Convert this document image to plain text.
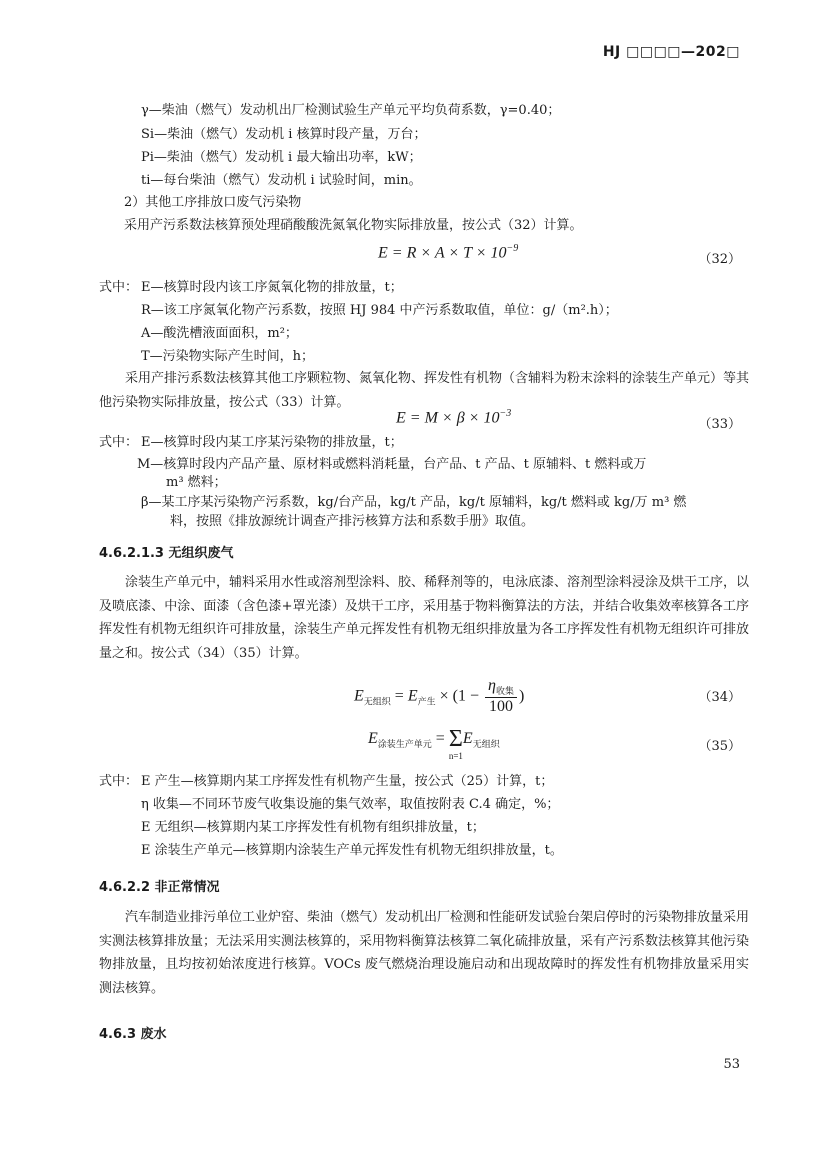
HJ □□□□—202□
γ—柴油（燃气）发动机出厂检测试验生产单元平均负荷系数，γ=0.40；
Si—柴油（燃气）发动机 i 核算时段产量，万台；
Pi—柴油（燃气）发动机 i 最大输出功率，kW；
ti—每台柴油（燃气）发动机 i 试验时间，min。
2）其他工序排放口废气污染物
采用产污系数法核算预处理硝酸酸洗氮氧化物实际排放量，按公式（32）计算。
$E = R \times A \times T \times 10^{-9}$
（32）
式中： E—核算时段内该工序氮氧化物的排放量，t；
R—该工序氮氧化物产污系数，按照 HJ 984 中产污系数取值，单位：g/（m².h）；
A—酸洗槽液面面积，m²；
T—污染物实际产生时间，h；
采用产排污系数法核算其他工序颗粒物、氮氧化物、挥发性有机物（含辅料为粉末涂料的涂装生产单元）等其他污染物实际排放量，按公式（33）计算。
$E = M \times \beta \times 10^{-3}$
（33）
式中： E—核算时段内某工序某污染物的排放量，t；
M—核算时段内产品产量、原材料或燃料消耗量，台产品、t 产品、t 原辅料、t 燃料或万
m³ 燃料；
β—某工序某污染物产污系数，kg/台产品，kg/t 产品，kg/t 原辅料，kg/t 燃料或 kg/万 m³ 燃
料，按照《排放源统计调查产排污核算方法和系数手册》取值。
4.6.2.1.3 无组织废气
涂装生产单元中，辅料采用水性或溶剂型涂料、胶、稀释剂等的，电泳底漆、溶剂型涂料浸涂及烘干工序，以及喷底漆、中涂、面漆（含色漆+罩光漆）及烘干工序，采用基于物料衡算法的方法，并结合收集效率核算各工序挥发性有机物无组织许可排放量，涂装生产单元挥发性有机物无组织排放量为各工序挥发性有机物无组织许可排放量之和。按公式（34）（35）计算。
$E_{无组织} = E_{产生} \times (1 - \frac{\eta_{收集}}{100}$ )	（34）
$E_{涂装生产单元} = \Sigma$
n=1
$E_{无组织}$	（35）
式中： E 产生—核算期内某工序挥发性有机物产生量，按公式（25）计算，t；
η 收集—不同环节废气收集设施的集气效率，取值按附表 C.4 确定，%；
E 无组织—核算期内某工序挥发性有机物有组织排放量，t；
E 涂装生产单元—核算期内涂装生产单元挥发性有机物无组织排放量，t。
4.6.2.2 非正常情况
汽车制造业排污单位工业炉窑、柴油（燃气）发动机出厂检测和性能研发试验台架启停时的污染物排放量采用实测法核算排放量；无法采用实测法核算的，采用物料衡算法核算二氧化硫排放量，采有产污系数法核算其他污染物排放量，且均按初始浓度进行核算。VOCs 废气燃烧治理设施启动和出现故障时的挥发性有机物排放量采用实测法核算。
4.6.3 废水
53
